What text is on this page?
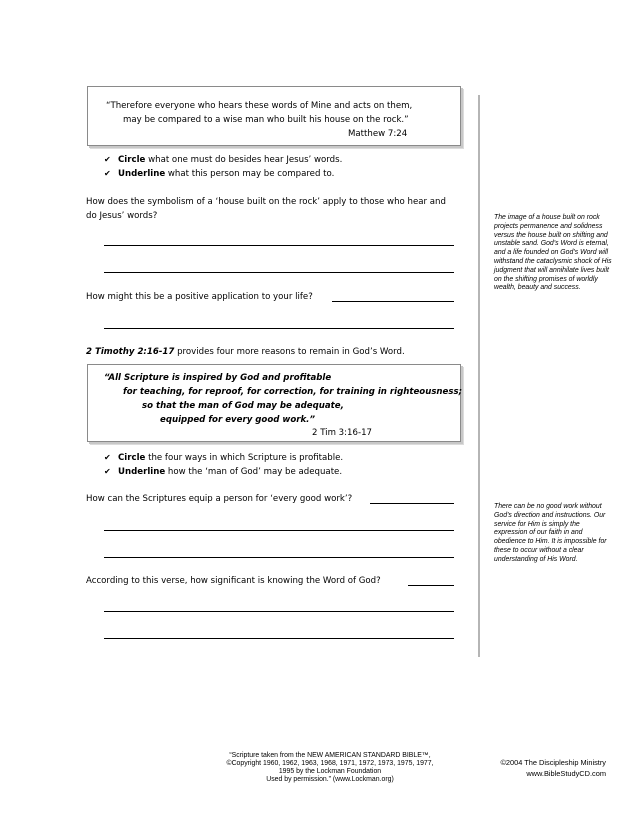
“Therefore everyone who hears these words of Mine and acts on them,
may be compared to a wise man who built his house on the rock.”
Matthew 7:24
✔ Circle what one must do besides hear Jesus’ words.
✔ Underline what this person may be compared to.
How does the symbolism of a ‘house built on the rock’ apply to those who hear and
do Jesus’ words?
How might this be a positive application to your life?
2 Timothy 2:16-17 provides four more reasons to remain in God’s Word.
“All Scripture is inspired by God and profitable
for teaching, for reproof, for correction, for training in righteousness;
so that the man of God may be adequate,
equipped for every good work.”
2 Tim 3:16-17
✔ Circle the four ways in which Scripture is profitable.
✔ Underline how the ‘man of God’ may be adequate.
How can the Scriptures equip a person for ‘every good work’?
According to this verse, how significant is knowing the Word of God?
The image of a house built on rock projects permanence and solidness versus the house built on shifting and unstable sand. God’s Word is eternal, and a life founded on God’s Word will withstand the cataclysmic shock of His judgment that will annihilate lives built on the shifting promises of worldly wealth, beauty and success.
There can be no good work without God’s direction and instructions. Our service for Him is simply the expression of our faith in and obedience to Him. It is impossible for these to occur without a clear understanding of His Word.
“Scripture taken from the NEW AMERICAN STANDARD BIBLE™,
©Copyright 1960, 1962, 1963, 1968, 1971, 1972, 1973, 1975, 1977,
1995 by the Lockman Foundation
Used by permission.” (www.Lockman.org)
©2004 The Discipleship Ministry
www.BibleStudyCD.com
